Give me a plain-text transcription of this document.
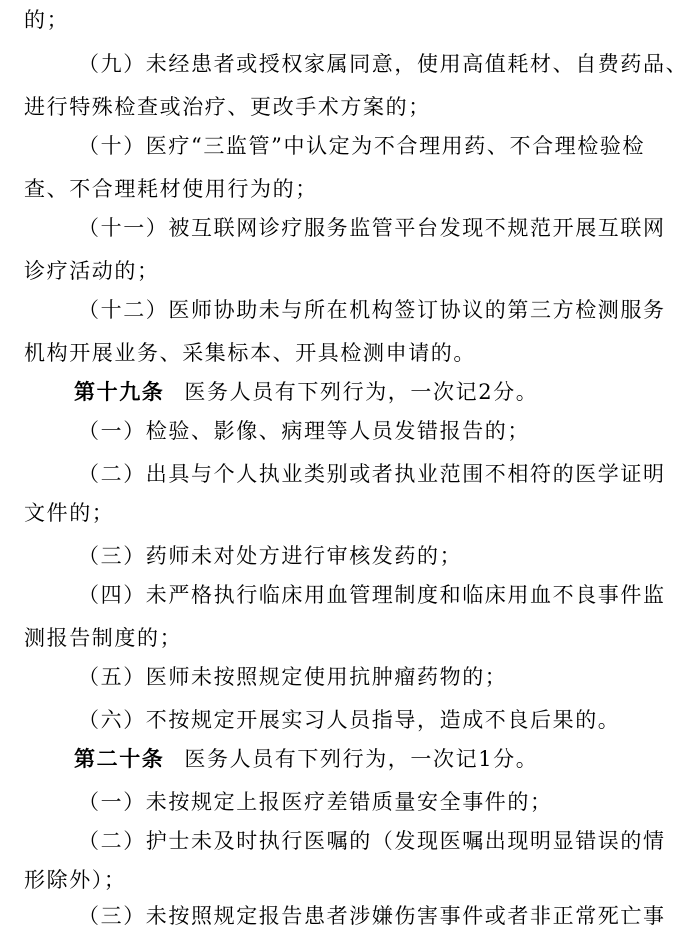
的；
（九）未经患者或授权家属同意，使用高值耗材、自费药品、
进行特殊检查或治疗、更改手术方案的；
（十）医疗“三监管”中认定为不合理用药、不合理检验检
查、不合理耗材使用行为的；
（十一）被互联网诊疗服务监管平台发现不规范开展互联网
诊疗活动的；
（十二）医师协助未与所在机构签订协议的第三方检测服务
机构开展业务、采集标本、开具检测申请的。
第十九条 医务人员有下列行为，一次记2分。
（一）检验、影像、病理等人员发错报告的；
（二）出具与个人执业类别或者执业范围不相符的医学证明
文件的；
（三）药师未对处方进行审核发药的；
（四）未严格执行临床用血管理制度和临床用血不良事件监
测报告制度的；
（五）医师未按照规定使用抗肿瘤药物的；
（六）不按规定开展实习人员指导，造成不良后果的。
第二十条 医务人员有下列行为，一次记1分。
（一）未按规定上报医疗差错质量安全事件的；
（二）护士未及时执行医嘱的（发现医嘱出现明显错误的情
形除外）；
（三）未按照规定报告患者涉嫌伤害事件或者非正常死亡事
